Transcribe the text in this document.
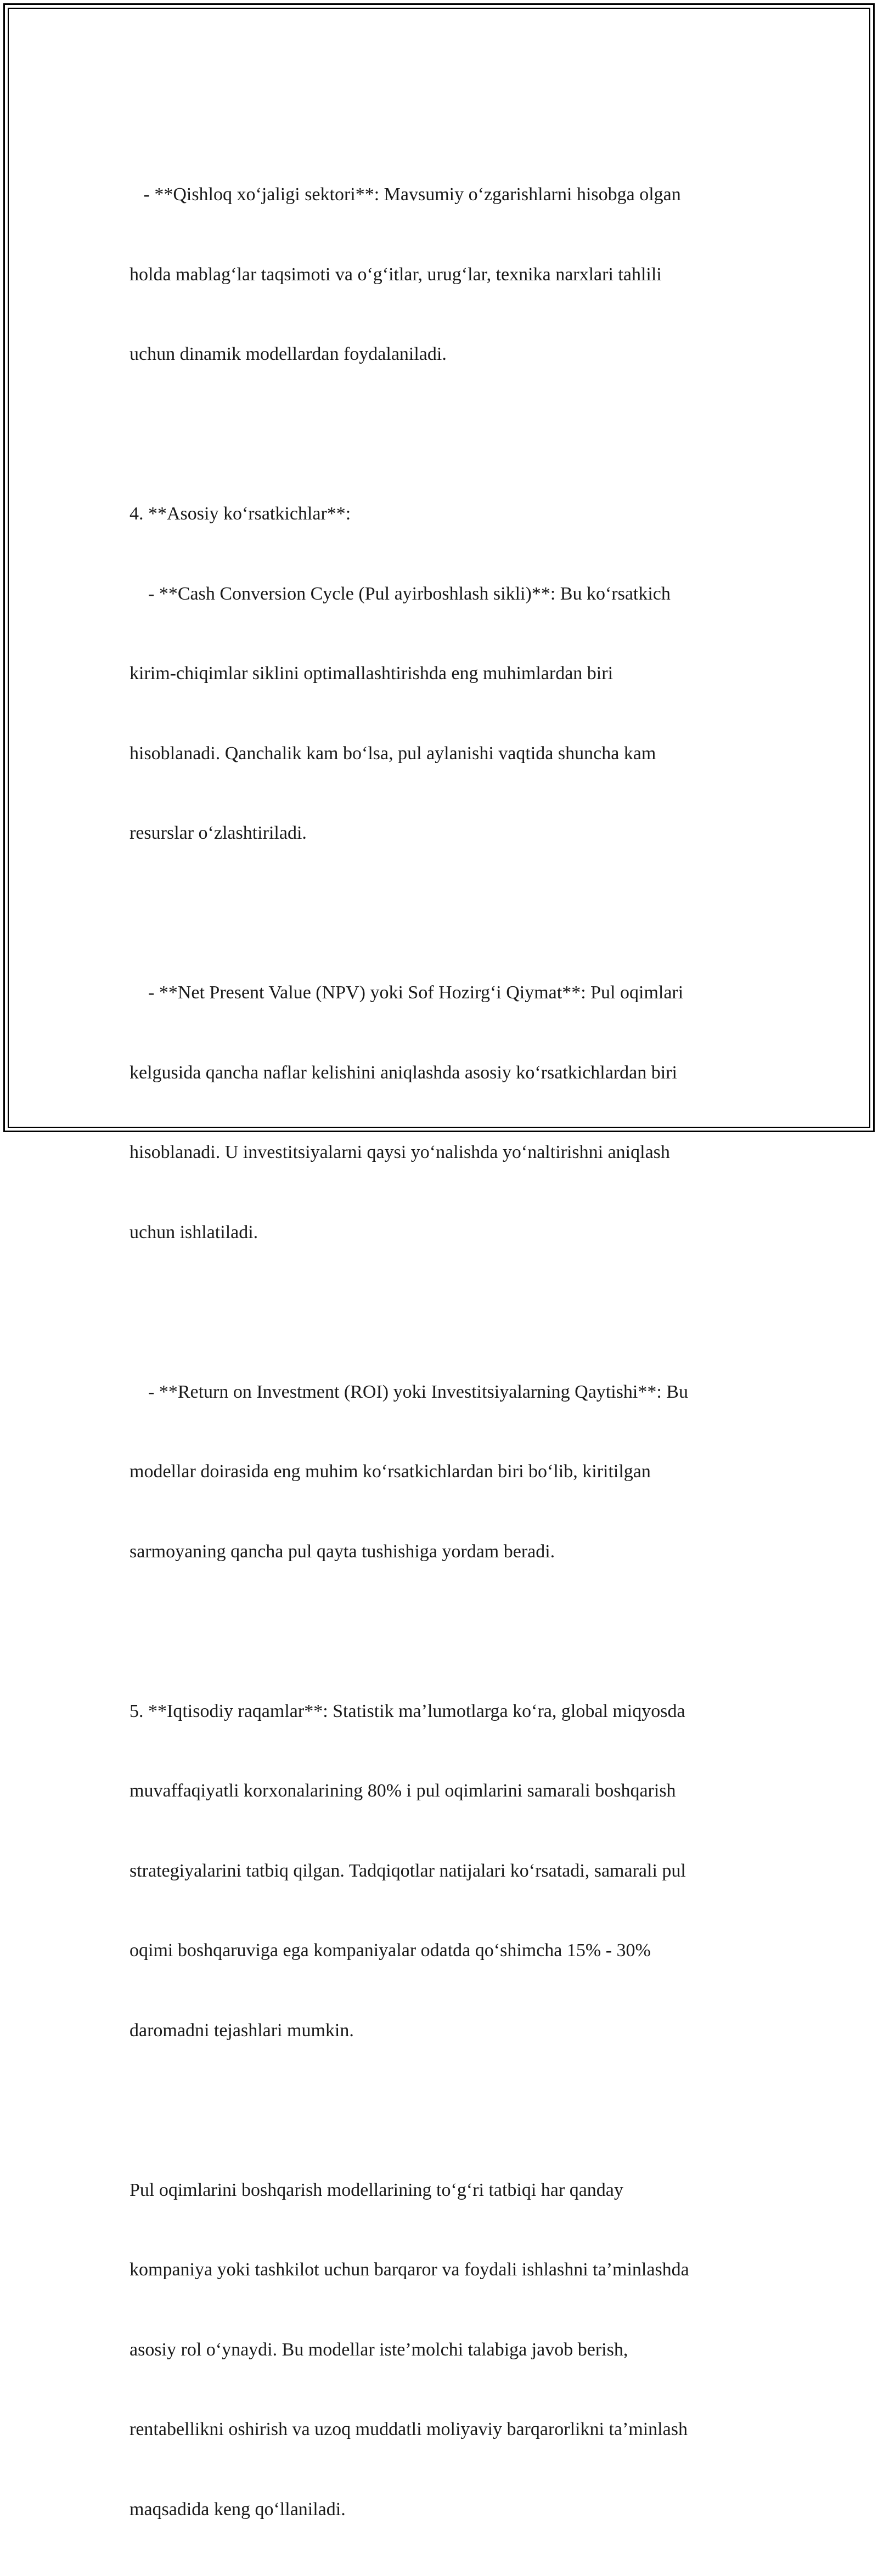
- **Qishloq xo‘jaligi sektori**: Mavsumiy o‘zgarishlarni hisobga olgan

holda mablag‘lar taqsimoti va o‘g‘itlar, urug‘lar, texnika narxlari tahlili

uchun dinamik modellardan foydalaniladi.

4. **Asosiy ko‘rsatkichlar**:

- **Cash Conversion Cycle (Pul ayirboshlash sikli)**: Bu ko‘rsatkich

kirim-chiqimlar siklini optimallashtirishda eng muhimlardan biri

hisoblanadi. Qanchalik kam bo‘lsa, pul aylanishi vaqtida shuncha kam

resurslar o‘zlashtiriladi.

- **Net Present Value (NPV) yoki Sof Hozirg‘i Qiymat**: Pul oqimlari

kelgusida qancha naflar kelishini aniqlashda asosiy ko‘rsatkichlardan biri

hisoblanadi. U investitsiyalarni qaysi yo‘nalishda yo‘naltirishni aniqlash

uchun ishlatiladi.

- **Return on Investment (ROI) yoki Investitsiyalarning Qaytishi**: Bu

modellar doirasida eng muhim ko‘rsatkichlardan biri bo‘lib, kiritilgan

sarmoyaning qancha pul qayta tushishiga yordam beradi.

5. **Iqtisodiy raqamlar**: Statistik ma’lumotlarga ko‘ra, global miqyosda

muvaffaqiyatli korxonalarining 80% i pul oqimlarini samarali boshqarish

strategiyalarini tatbiq qilgan. Tadqiqotlar natijalari ko‘rsatadi, samarali pul

oqimi boshqaruviga ega kompaniyalar odatda qo‘shimcha 15% - 30%

daromadni tejashlari mumkin.

Pul oqimlarini boshqarish modellarining to‘g‘ri tatbiqi har qanday

kompaniya yoki tashkilot uchun barqaror va foydali ishlashni ta’minlashda

asosiy rol o‘ynaydi. Bu modellar iste’molchi talabiga javob berish,

rentabellikni oshirish va uzoq muddatli moliyaviy barqarorlikni ta’minlash

maqsadida keng qo‘llaniladi.
